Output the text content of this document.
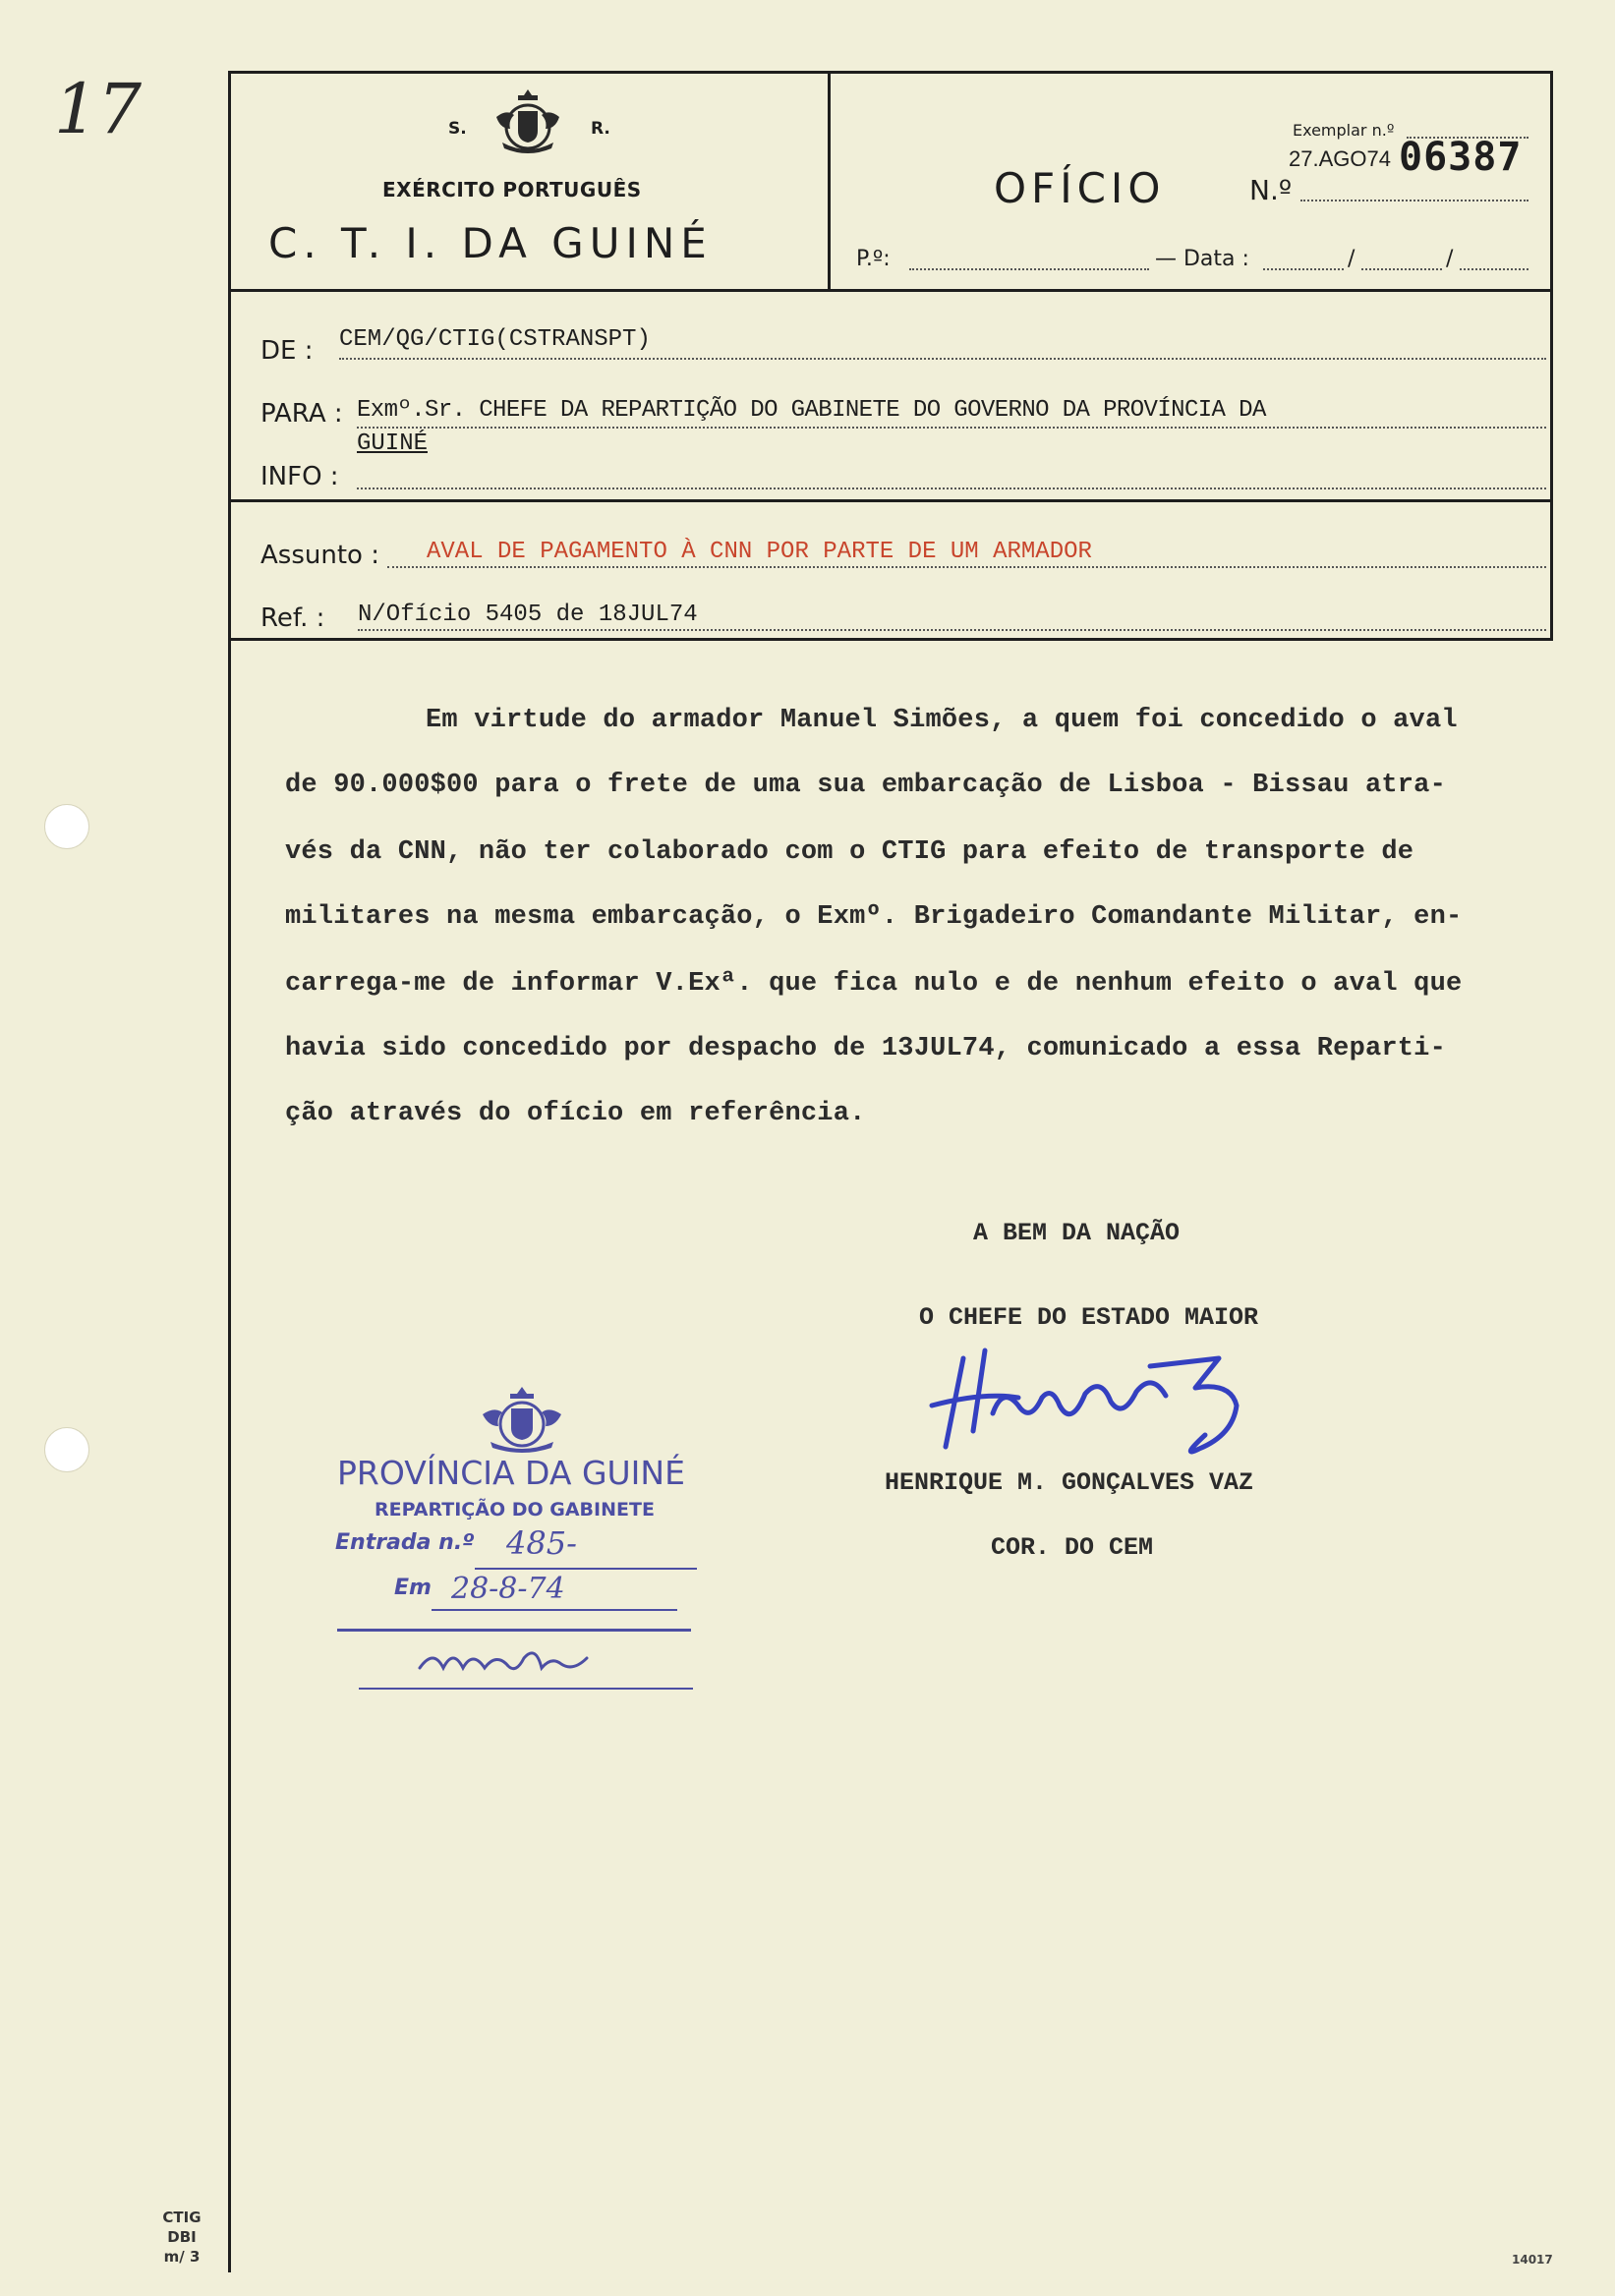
17	S.	R.
EXÉRCITO PORTUGUÊS
C. T. I. DA GUINÉ
Exemplar n.º
27.AGO74 06387
OFÍCIO	N.º
P.º:	— Data :	/	/
DE : CEM/QG/CTIG(CSTRANSPT)
PARA : Exmº.Sr. CHEFE DA REPARTIÇÃO DO GABINETE DO GOVERNO DA PROVÍNCIA DA
GUINÉ
INFO :
Assunto : AVAL DE PAGAMENTO À CNN POR PARTE DE UM ARMADOR
Ref. : N/Ofício 5405 de 18JUL74
Em virtude do armador Manuel Simões, a quem foi concedido o aval
de 90.000$00 para o frete de uma sua embarcação de Lisboa - Bissau atra-
vés da CNN, não ter colaborado com o CTIG para efeito de transporte de
militares na mesma embarcação, o Exmº. Brigadeiro Comandante Militar, en-
carrega-me de informar V.Exª. que fica nulo e de nenhum efeito o aval que
havia sido concedido por despacho de 13JUL74, comunicado a essa Reparti-
ção através do ofício em referência.
A BEM DA NAÇÃO
O CHEFE DO ESTADO MAIOR
HENRIQUE M. GONÇALVES VAZ
COR. DO CEM
PROVÍNCIA DA GUINÉ
REPARTIÇÃO DO GABINETE
Entrada n.º 485-
Em 28-8-74
CTIG
DBI
m/ 3	14017
